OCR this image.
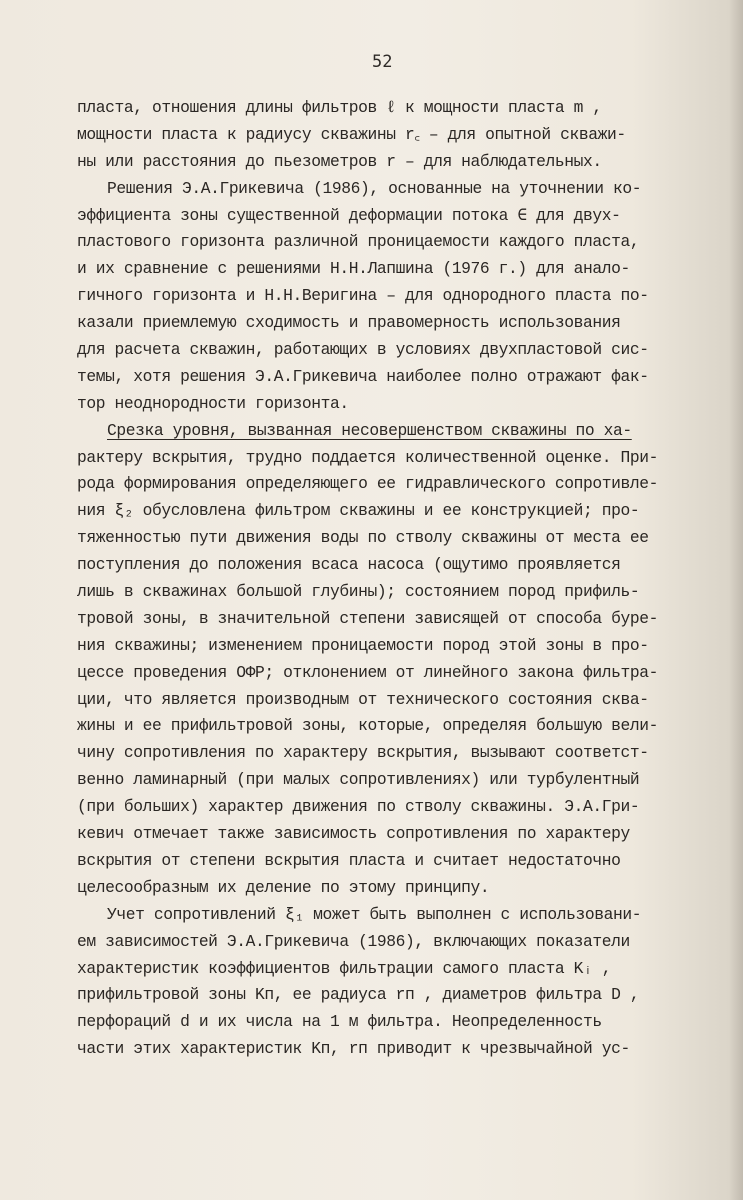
52
пласта, отношения длины фильтров ℓ к мощности пласта m ,
мощности пласта к радиусу скважины r꜀ – для опытной скважи-
ны или расстояния до пьезометров r – для наблюдательных.
Решения Э.А.Грикевича (1986), основанные на уточнении ко-
эффициента зоны существенной деформации потока ∈ для двух-
пластового горизонта различной проницаемости каждого пласта,
и их сравнение с решениями Н.Н.Лапшина (1976 г.) для анало-
гичного горизонта и Н.Н.Веригина – для однородного пласта по-
казали приемлемую сходимость и правомерность использования
для расчета скважин, работающих в условиях двухпластовой сис-
темы, хотя решения Э.А.Грикевича наиболее полно отражают фак-
тор неоднородности горизонта.
Срезка уровня, вызванная несовершенством скважины по ха-
рактеру вскрытия, трудно поддается количественной оценке. При-
рода формирования определяющего ее гидравлического сопротивле-
ния ξ₂ обусловлена фильтром скважины и ее конструкцией; про-
тяженностью пути движения воды по стволу скважины от места ее
поступления до положения всаса насоса (ощутимо проявляется
лишь в скважинах большой глубины); состоянием пород прифиль-
тровой зоны, в значительной степени зависящей от способа буре-
ния скважины; изменением проницаемости пород этой зоны в про-
цессе проведения ОФР; отклонением от линейного закона фильтра-
ции, что является производным от технического состояния сква-
жины и ее прифильтровой зоны, которые, определяя большую вели-
чину сопротивления по характеру вскрытия, вызывают соответст-
венно ламинарный (при малых сопротивлениях) или турбулентный
(при больших) характер движения по стволу скважины. Э.А.Гри-
кевич отмечает также зависимость сопротивления по характеру
вскрытия от степени вскрытия пласта и считает недостаточно
целесообразным их деление по этому принципу.
Учет сопротивлений ξ₁ может быть выполнен с использовани-
ем зависимостей Э.А.Грикевича (1986), включающих показатели
характеристик коэффициентов фильтрации самого пласта Kᵢ ,
прифильтровой зоны Kп, ее радиуса rп , диаметров фильтра D ,
перфораций d и их числа на 1 м фильтра. Неопределенность
части этих характеристик Kп, rп приводит к чрезвычайной ус-
